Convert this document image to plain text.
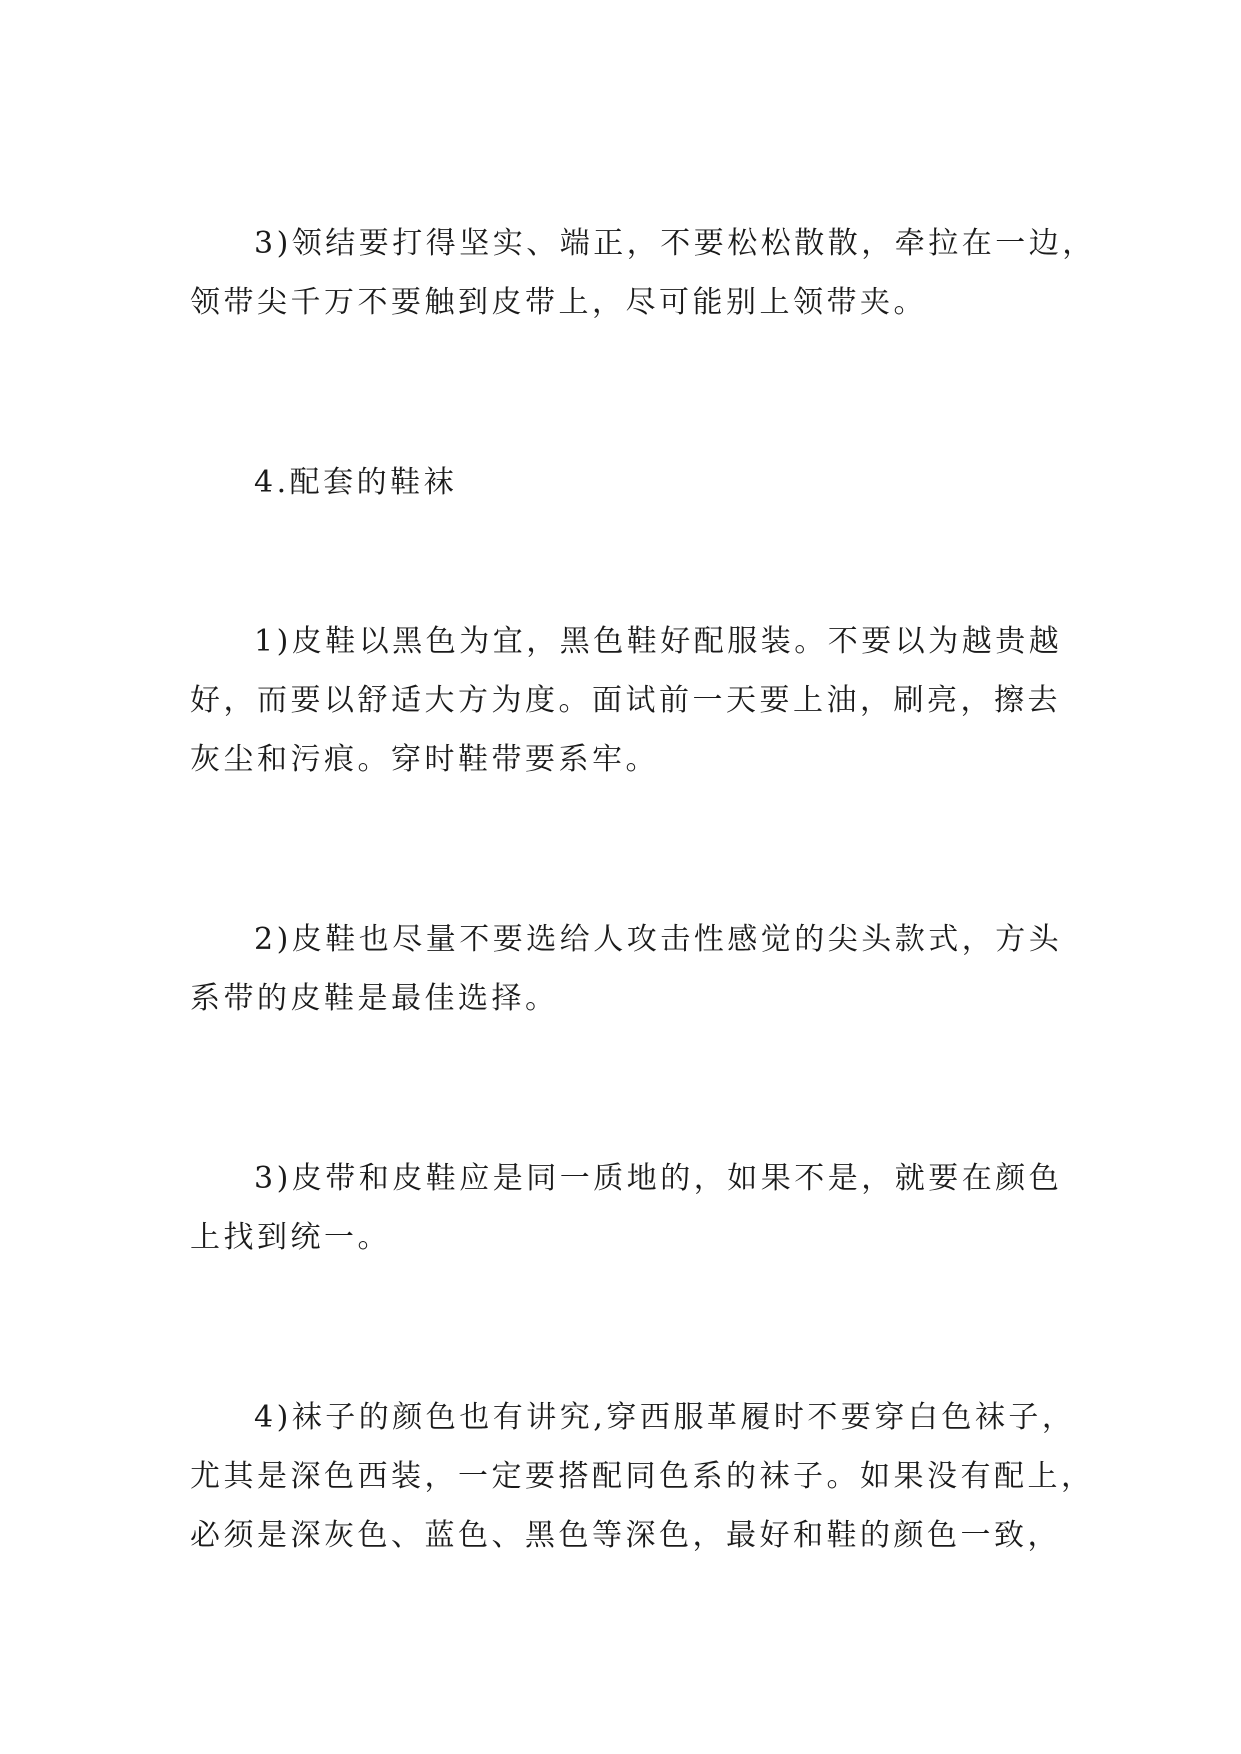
3)领结要打得坚实、端正，不要松松散散，牵拉在一边，
领带尖千万不要触到皮带上，尽可能别上领带夹。
4.配套的鞋袜
1)皮鞋以黑色为宜，黑色鞋好配服装。不要以为越贵越
好，而要以舒适大方为度。面试前一天要上油，刷亮，擦去
灰尘和污痕。穿时鞋带要系牢。
2)皮鞋也尽量不要选给人攻击性感觉的尖头款式，方头
系带的皮鞋是最佳选择。
3)皮带和皮鞋应是同一质地的，如果不是，就要在颜色
上找到统一。
4)袜子的颜色也有讲究,穿西服革履时不要穿白色袜子，
尤其是深色西装，一定要搭配同色系的袜子。如果没有配上，
必须是深灰色、蓝色、黑色等深色，最好和鞋的颜色一致，
